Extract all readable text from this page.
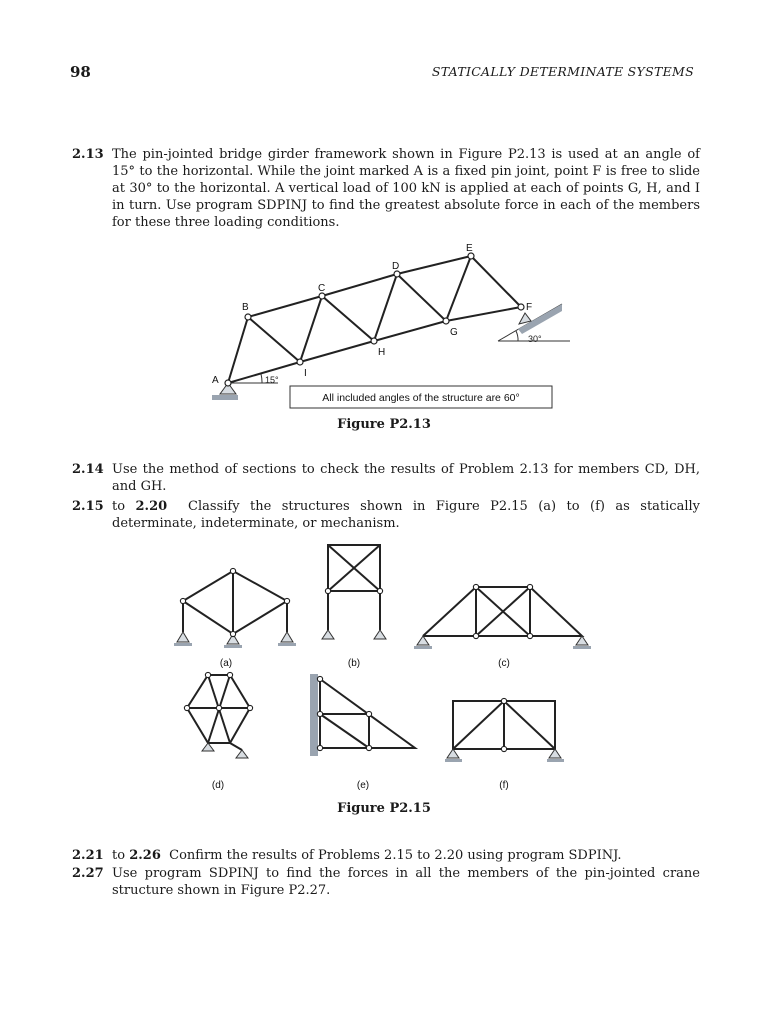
98	STATICALLY DETERMINATE SYSTEMS
2.13 The pin-jointed bridge girder framework shown in Figure P2.13 is used at an angle of 15° to the horizontal. While the joint marked A is a fixed pin joint, point F is free to slide at 30° to the horizontal. A vertical load of 100 kN is applied at each of points G, H, and I in turn. Use program SDPINJ to find the greatest absolute force in each of the members for these three loading conditions.
30°
15°
A
B
C
D
E
F
G
H
I
All included angles of the structure are 60°
Figure P2.13
2.14 Use the method of sections to check the results of Problem 2.13 for members CD, DH, and GH.
2.15 to 2.20 Classify the structures shown in Figure P2.15 (a) to (f) as statically determinate, indeterminate, or mechanism.
(a)	(b)	(c)
(d)	(e)	(f)
Figure P2.15
2.21 to 2.26 Confirm the results of Problems 2.15 to 2.20 using program SDPINJ.
2.27 Use program SDPINJ to find the forces in all the members of the pin-jointed crane structure shown in Figure P2.27.
